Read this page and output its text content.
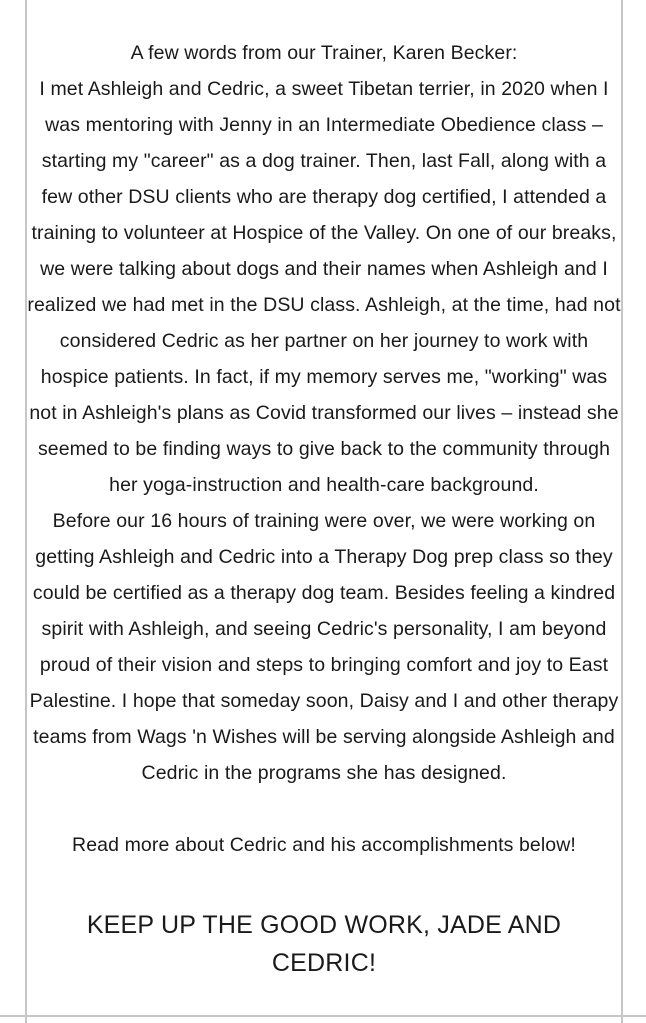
A few words from our Trainer, Karen Becker:

I met Ashleigh and Cedric, a sweet Tibetan terrier, in 2020 when I
was mentoring with Jenny in an Intermediate Obedience class –
starting my "career" as a dog trainer. Then, last Fall, along with a
few other DSU clients who are therapy dog certified, I attended a
training to volunteer at Hospice of the Valley. On one of our breaks,
we were talking about dogs and their names when Ashleigh and I
realized we had met in the DSU class. Ashleigh, at the time, had not
considered Cedric as her partner on her journey to work with
hospice patients. In fact, if my memory serves me, "working" was
not in Ashleigh's plans as Covid transformed our lives – instead she
seemed to be finding ways to give back to the community through
her yoga-instruction and health-care background.

Before our 16 hours of training were over, we were working on
getting Ashleigh and Cedric into a Therapy Dog prep class so they
could be certified as a therapy dog team. Besides feeling a kindred
spirit with Ashleigh, and seeing Cedric's personality, I am beyond
proud of their vision and steps to bringing comfort and joy to East
Palestine. I hope that someday soon, Daisy and I and other therapy
teams from Wags 'n Wishes will be serving alongside Ashleigh and
Cedric in the programs she has designed.

Read more about Cedric and his accomplishments below!

KEEP UP THE GOOD WORK, JADE AND
CEDRIC!
